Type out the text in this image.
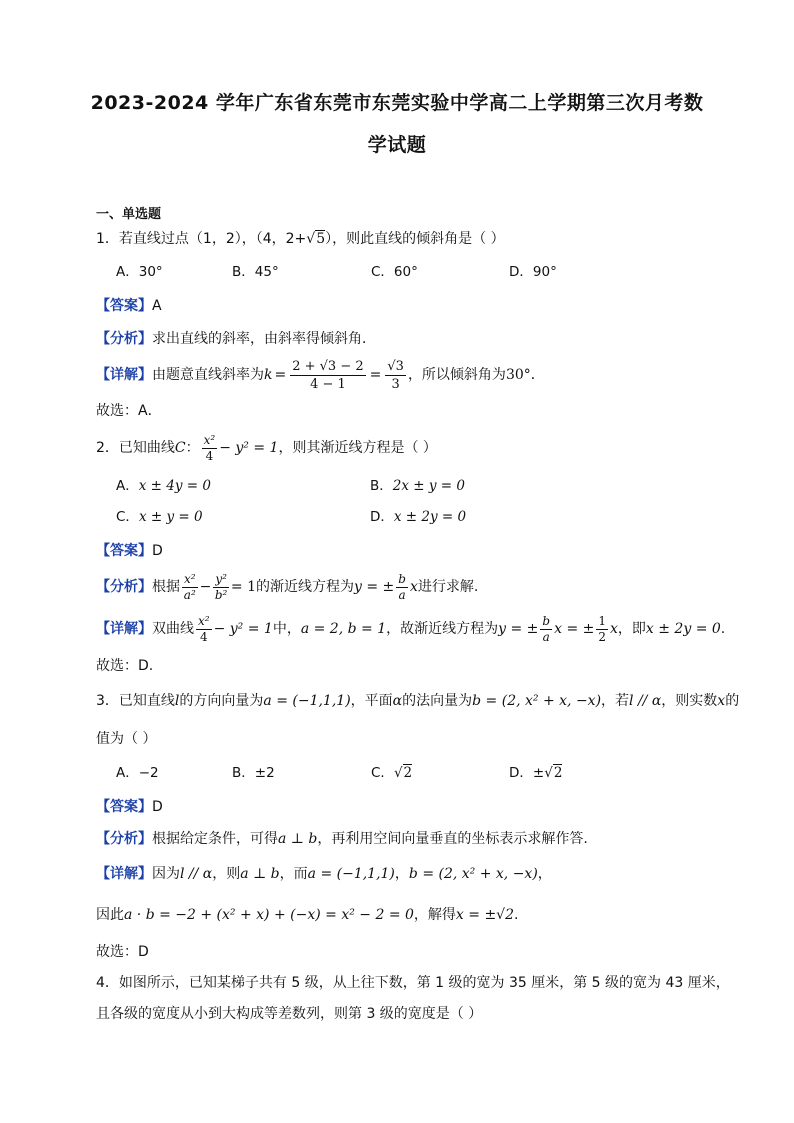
2023-2024 学年广东省东莞市东莞实验中学高二上学期第三次月考数
学试题
一、单选题
1．若直线过点（1，2），（4，2+√5），则此直线的倾斜角是（ ）
A．30°	B．45°	C．60°	D．90°
【答案】A
【分析】求出直线的斜率，由斜率得倾斜角．
【详解】 由题意直线斜率为 $k = \frac{2 + √3 - 2}{4 - 1} = \frac{√3}{3}$ ，所以倾斜角为 30° ．
故选：A．
2．已知曲线 C ： $\frac{\text{x²}}{4} - y^2 = 1$ ，则其渐近线方程是（ ）
A．x ± 4y = 0	B．2x ± y = 0
C．x ± y = 0	D．x ± 2y = 0
【答案】D
【分析】 根据 $\frac{\text{x²}}{\text{a²}} - \frac{\text{y²}}{\text{b²}} = 1$ 的渐近线方程为 y = ± $\frac{b}{a}$ x 进行求解.
【详解】 双曲线 $\frac{\text{x²}}{4} - y^2 = 1$ 中， a = 2, b = 1 ，故渐近线方程为 y = ± $\frac{b}{a}$ x = ± $\frac{1}{2}$ x ，即 x ± 2y = 0 .
故选：D.
3．已知直线l的方向向量为a = (−1,1,1)，平面α的法向量为b = (2, x² + x, −x)，若l // α，则实数x的
值为（ ）
A．−2	B．±2	C．√2	D．±√2
【答案】D
【分析】根据给定条件，可得a ⊥ b，再利用空间向量垂直的坐标表示求解作答.
【详解】因为l // α，则a ⊥ b，而a = (−1,1,1)，b = (2, x² + x, −x)，
因此a · b = −2 + (x² + x) + (−x) = x² − 2 = 0，解得x = ±√2.
故选：D
4．如图所示，已知某梯子共有 5 级，从上往下数，第 1 级的宽为 35 厘米，第 5 级的宽为 43 厘米，
且各级的宽度从小到大构成等差数列，则第 3 级的宽度是（ ）
